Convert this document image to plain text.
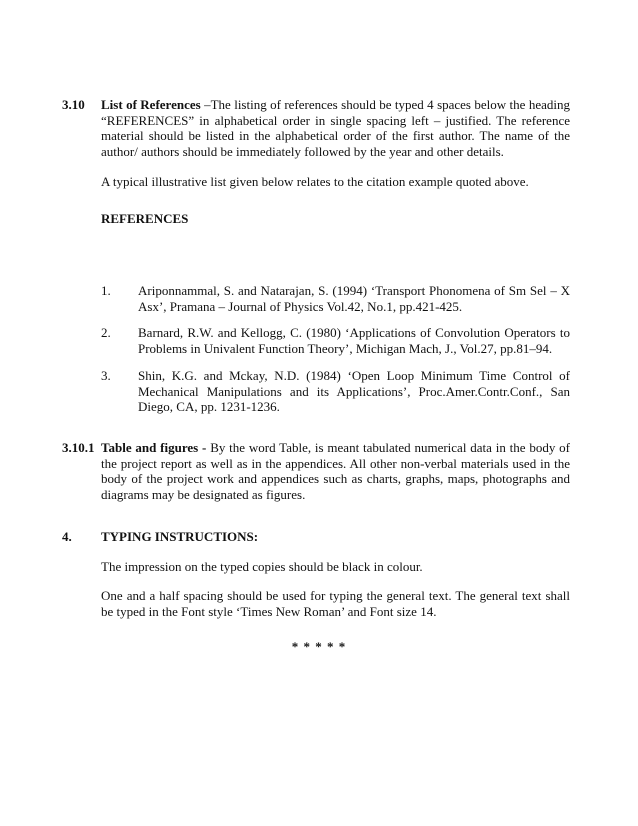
3.10 List of References –The listing of references should be typed 4 spaces below the heading “REFERENCES” in alphabetical order in single spacing left – justified. The reference material should be listed in the alphabetical order of the first author. The name of the author/ authors should be immediately followed by the year and other details.

A typical illustrative list given below relates to the citation example quoted above.

REFERENCES
1. Ariponnammal, S. and Natarajan, S. (1994) ‘Transport Phonomena of Sm Sel – X Asx’, Pramana – Journal of Physics Vol.42, No.1, pp.421-425.
2. Barnard, R.W. and Kellogg, C. (1980) ‘Applications of Convolution Operators to Problems in Univalent Function Theory’, Michigan Mach, J., Vol.27, pp.81–94.
3. Shin, K.G. and Mckay, N.D. (1984) ‘Open Loop Minimum Time Control of Mechanical Manipulations and its Applications’, Proc.Amer.Contr.Conf., San Diego, CA, pp. 1231-1236.
3.10.1 Table and figures - By the word Table, is meant tabulated numerical data in the body of the project report as well as in the appendices. All other non-verbal materials used in the body of the project work and appendices such as charts, graphs, maps, photographs and diagrams may be designated as figures.

4. TYPING INSTRUCTIONS:

The impression on the typed copies should be black in colour.

One and a half spacing should be used for typing the general text. The general text shall be typed in the Font style ‘Times New Roman’ and Font size 14.

* * * * *
